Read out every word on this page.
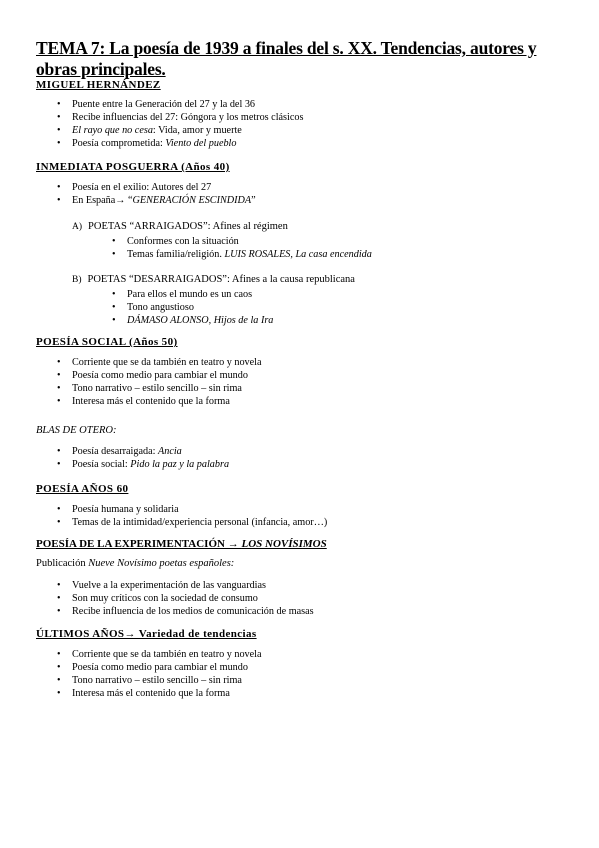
TEMA 7: La poesía de 1939 a finales del s. XX. Tendencias, autores y obras principales.
MIGUEL HERNÁNDEZ
• Puente entre la Generación del 27 y la del 36
• Recibe influencias del 27: Góngora y los metros clásicos
• El rayo que no cesa: Vida, amor y muerte
• Poesía comprometida: Viento del pueblo
INMEDIATA POSGUERRA (Años 40)
• Poesía en el exilio: Autores del 27
• En España→ “GENERACIÓN ESCINDIDA”
A) POETAS “ARRAIGADOS”: Afines al régimen
• Conformes con la situación
• Temas familia/religión. LUIS ROSALES, La casa encendida
B) POETAS “DESARRAIGADOS”: Afines a la causa republicana
• Para ellos el mundo es un caos
• Tono angustioso
• DÁMASO ALONSO, Hijos de la Ira
POESÍA SOCIAL (Años 50)
• Corriente que se da también en teatro y novela
• Poesía como medio para cambiar el mundo
• Tono narrativo – estilo sencillo – sin rima
• Interesa más el contenido que la forma
BLAS DE OTERO:
• Poesía desarraigada: Ancia
• Poesía social: Pido la paz y la palabra
POESÍA AÑOS 60
• Poesía humana y solidaria
• Temas de la intimidad/experiencia personal (infancia, amor…)
POESÍA DE LA EXPERIMENTACIÓN → LOS NOVÍSIMOS
Publicación Nueve Novísimo poetas españoles:
• Vuelve a la experimentación de las vanguardias
• Son muy críticos con la sociedad de consumo
• Recibe influencia de los medios de comunicación de masas
ÚLTIMOS AÑOS→ Variedad de tendencias
• Corriente que se da también en teatro y novela
• Poesía como medio para cambiar el mundo
• Tono narrativo – estilo sencillo – sin rima
• Interesa más el contenido que la forma
